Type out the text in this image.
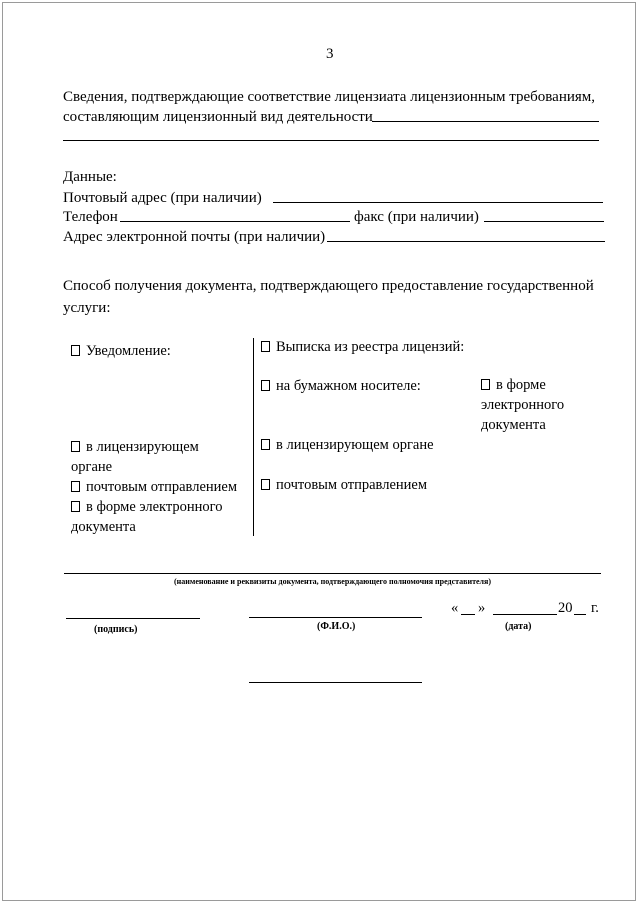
3
Сведения, подтверждающие соответствие лицензиата лицензионным требованиям,
составляющим лицензионный вид деятельности
Данные:
Почтовый адрес (при наличии)
Телефон	факс (при наличии)
Адрес электронной почты (при наличии)
Способ получения документа, подтверждающего предоставление государственной
услуги:
Уведомление:
в лицензирующем
органе
почтовым отправлением
в форме электронного
документа
Выписка из реестра лицензий:
на бумажном носителе:	в форме
электронного
документа
в лицензирующем органе
почтовым отправлением
(наименование и реквизиты документа, подтверждающего полномочия представителя)
(подпись)	(Ф.И.О.)
« »	20 г.
(дата)
